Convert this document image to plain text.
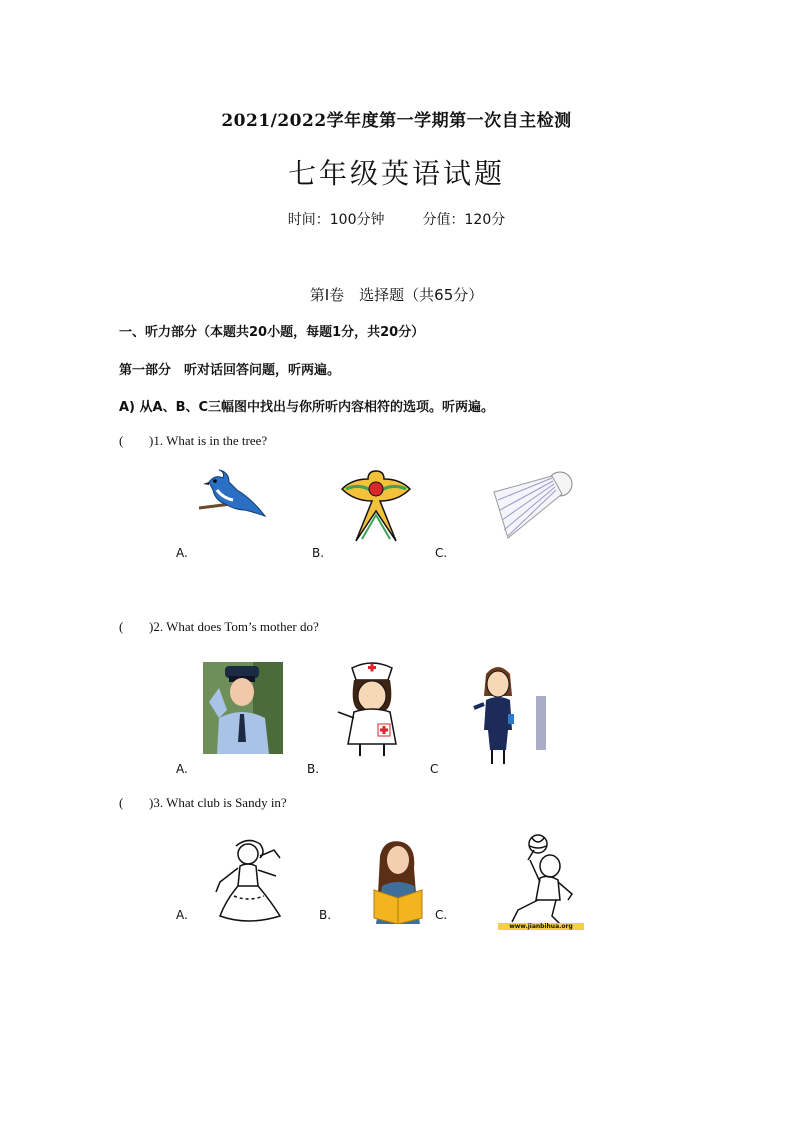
2021/2022学年度第一学期第一次自主检测
七年级英语试题
时间：100分钟	分值：120分
第Ⅰ卷　选择题（共65分）
一、听力部分（本题共20小题，每题1分，共20分）
第一部分　听对话回答问题，听两遍。
A) 从A、B、C三幅图中找出与你所听内容相符的选项。听两遍。
( )1. What is in the tree?
A.	B.	C.
( )2. What does Tom’s mother do?
A.	B.	C
( )3. What club is Sandy in?
www.jianbihua.org
A.	B.	C.
